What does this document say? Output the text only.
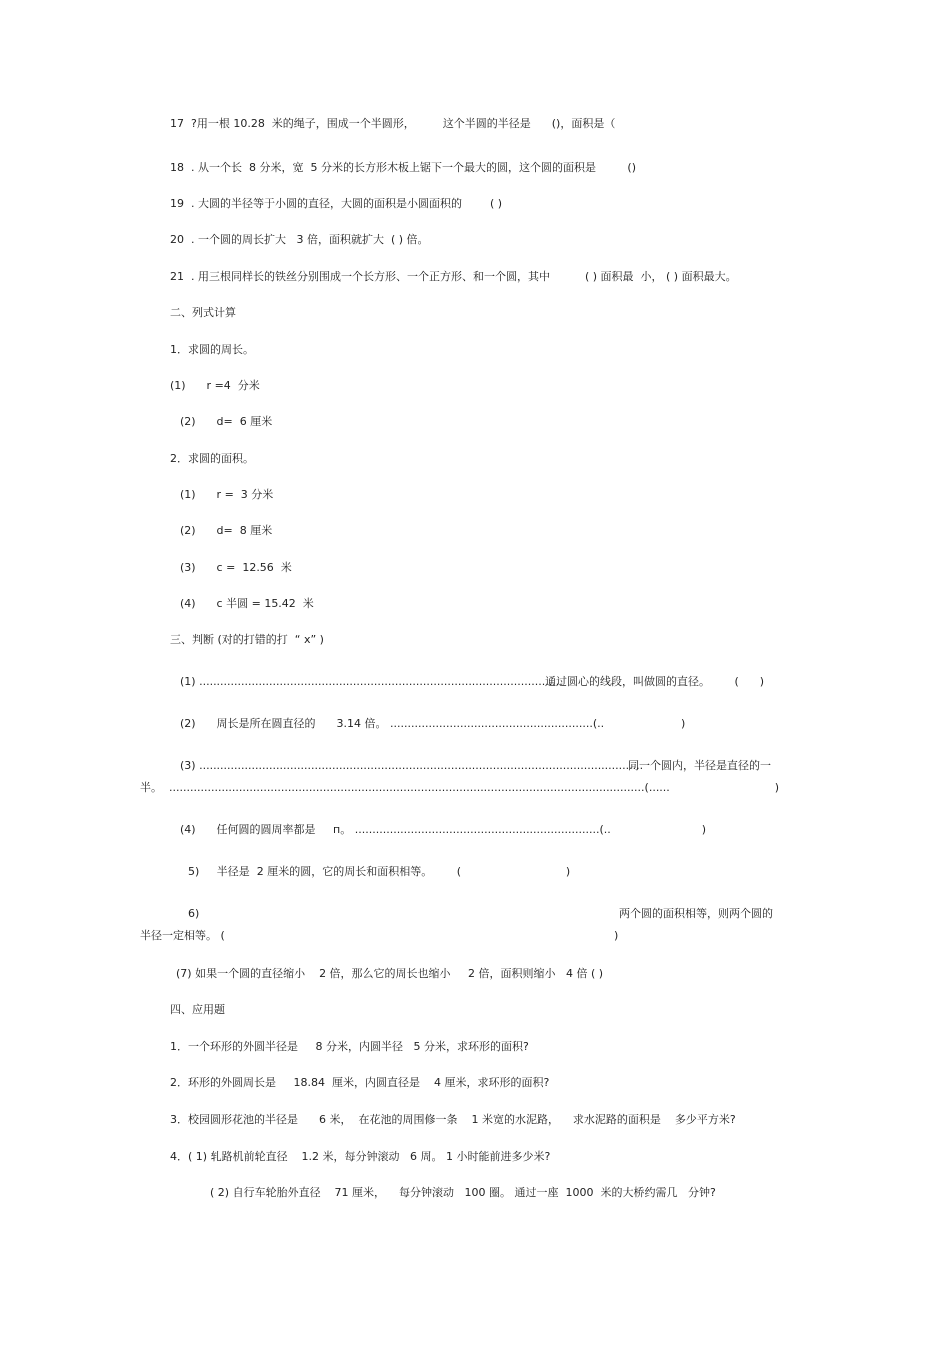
17  ?用一根 10.28  米的绳子，围成一个半圆形，        这个半圆的半径是      ()，面积是（
18  . 从一个长  8 分米，宽  5 分米的长方形木板上锯下一个最大的圆，这个圆的面积是         ()
19  . 大圆的半径等于小圆的直径，大圆的面积是小圆面积的        ( )
20  . 一个圆的周长扩大   3 倍，面积就扩大  ( ) 倍。
21  . 用三根同样长的铁丝分别围成一个长方形、一个正方形、和一个圆，其中          ( ) 面积最  小， ( ) 面积最大。
二、列式计算
1．求圆的周长。
(1)      r =4  分米
(2)      d=  6 厘米
2．求圆的面积。
(1)      r =  3 分米
(2)      d=  8 厘米
(3)      c =  12.56  米
(4)      c 半圆 = 15.42  米
三、判断 (对的打错的打  “ x” )
(1) ........................................................................................................
通过圆心的线段，叫做圆的直径。       (      )
(2)      周长是所在圆直径的      3.14 倍。 ..........................................................(..                      )
(3) ...............................................................................................................................
同一个圆内，半径是直径的一
半。  ........................................................................................................................................(......                              )
(4)      任何圆的圆周率都是     п。 ......................................................................(..                          )
5)     半径是  2 厘米的圆，它的周长和面积相等。       (                              )
6)	两个圆的面积相等，则两个圆的
半径一定相等。 (	)
(7) 如果一个圆的直径缩小    2 倍，那么它的周长也缩小     2 倍，面积则缩小   4 倍 ( )
四、应用题
1．一个环形的外圆半径是     8 分米，内圆半径   5 分米，求环形的面积?
2．环形的外圆周长是     18.84  厘米，内圆直径是    4 厘米，求环形的面积?
3．校园圆形花池的半径是      6 米，  在花池的周围修一条    1 米宽的水泥路，    求水泥路的面积是    多少平方米?
4．( 1) 轧路机前轮直径    1.2 米，每分钟滚动   6 周。 1 小时能前进多少米?
( 2) 自行车轮胎外直径    71 厘米，    每分钟滚动   100 圈。 通过一座  1000  米的大桥约需几   分钟?
